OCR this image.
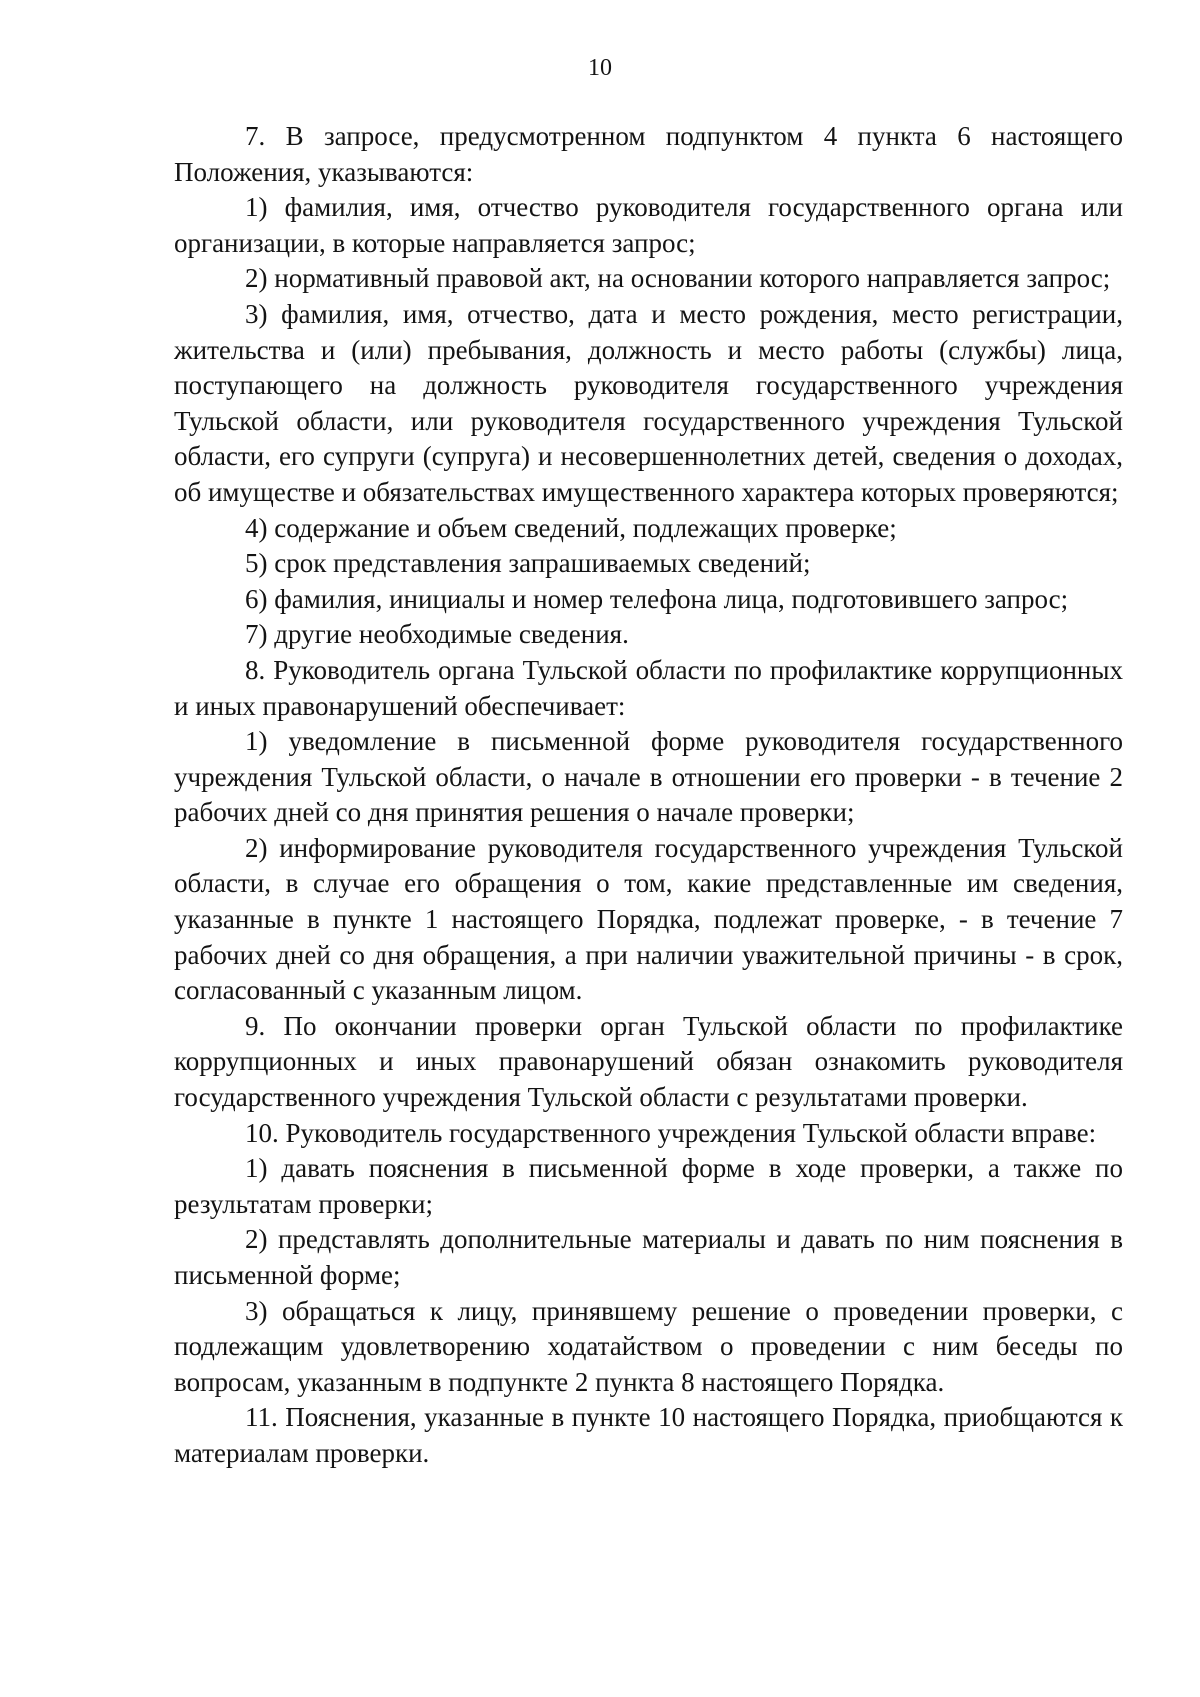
10

7. В запросе, предусмотренном подпунктом 4 пункта 6 настоящего Положения, указываются:

1) фамилия, имя, отчество руководителя государственного органа или организации, в которые направляется запрос;

2) нормативный правовой акт, на основании которого направляется запрос;

3) фамилия, имя, отчество, дата и место рождения, место регистрации, жительства и (или) пребывания, должность и место работы (службы) лица, поступающего на должность руководителя государственного учреждения Тульской области, или руководителя государственного учреждения Тульской области, его супруги (супруга) и несовершеннолетних детей, сведения о доходах, об имуществе и обязательствах имущественного характера которых проверяются;

4) содержание и объем сведений, подлежащих проверке;

5) срок представления запрашиваемых сведений;

6) фамилия, инициалы и номер телефона лица, подготовившего запрос;

7) другие необходимые сведения.

8. Руководитель органа Тульской области по профилактике коррупционных и иных правонарушений обеспечивает:

1) уведомление в письменной форме руководителя государственного учреждения Тульской области, о начале в отношении его проверки - в течение 2 рабочих дней со дня принятия решения о начале проверки;

2) информирование руководителя государственного учреждения Тульской области, в случае его обращения о том, какие представленные им сведения, указанные в пункте 1 настоящего Порядка, подлежат проверке, - в течение 7 рабочих дней со дня обращения, а при наличии уважительной причины - в срок, согласованный с указанным лицом.

9. По окончании проверки орган Тульской области по профилактике коррупционных и иных правонарушений обязан ознакомить руководителя государственного учреждения Тульской области с результатами проверки.

10. Руководитель государственного учреждения Тульской области вправе:

1) давать пояснения в письменной форме в ходе проверки, а также по результатам проверки;

2) представлять дополнительные материалы и давать по ним пояснения в письменной форме;

3) обращаться к лицу, принявшему решение о проведении проверки, с подлежащим удовлетворению ходатайством о проведении с ним беседы по вопросам, указанным в подпункте 2 пункта 8 настоящего Порядка.

11. Пояснения, указанные в пункте 10 настоящего Порядка, приобщаются к материалам проверки.
